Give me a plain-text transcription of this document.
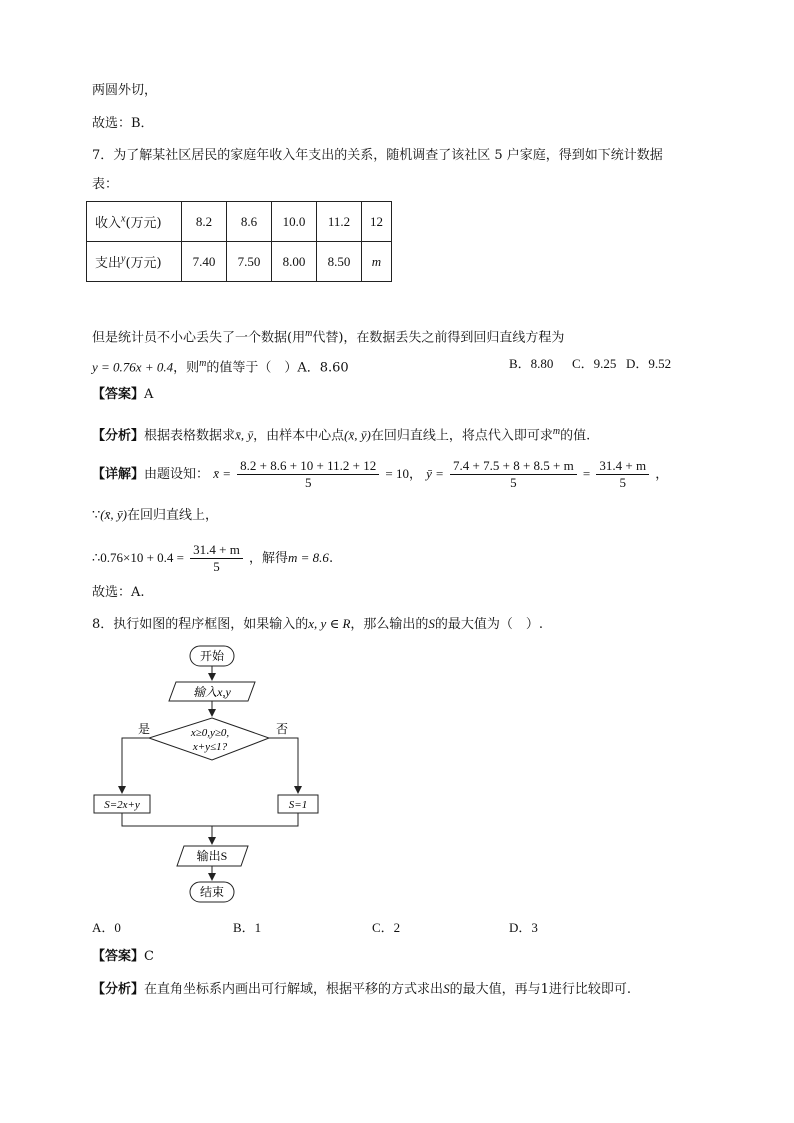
两圆外切，
故选：B．
7．为了解某社区居民的家庭年收入年支出的关系，随机调查了该社区 5 户家庭，得到如下统计数据
表：
收入$^x$(万元)	8.2	8.6	10.0	11.2	12
支出$^y$(万元)	7.40	7.50	8.00	8.50	m
但是统计员不小心丢失了一个数据(用$^m$代替)，在数据丢失之前得到回归直线方程为
y = 0.76x + 0.4，则$^m$的值等于（　）A．8.60	B．8.80 C．9.25 D．9.52
【答案】A
【分析】根据表格数据求x̄, ȳ，由样本中心点(x̄, ȳ)在回归直线上，将点代入即可求$^m$的值.
【详解】由题设知： x̄ = $\frac{8.2 + 8.6 + 10 + 11.2 + 12}{5} = 10$， ȳ = $\frac{7.4 + 7.5 + 8 + 8.5 + m}{5} = \frac{31.4 + m}{5}$ ，
∵(x̄, ȳ)在回归直线上，
∴0.76×10 + $0.4 = \frac{31.4 + m}{5}$ ，解得m = 8.6.
故选：A.
8．执行如图的程序框图，如果输入的x, y ∈ R，那么输出的S的最大值为（　）.
开始
输入x,y
x≥0,y≥0,
x+y≤1?
是	否
S=2x+y	S=1
输出S
结束
A．0	B．1	C．2	D．3
【答案】C
【分析】在直角坐标系内画出可行解域，根据平移的方式求出S的最大值，再与1进行比较即可.
